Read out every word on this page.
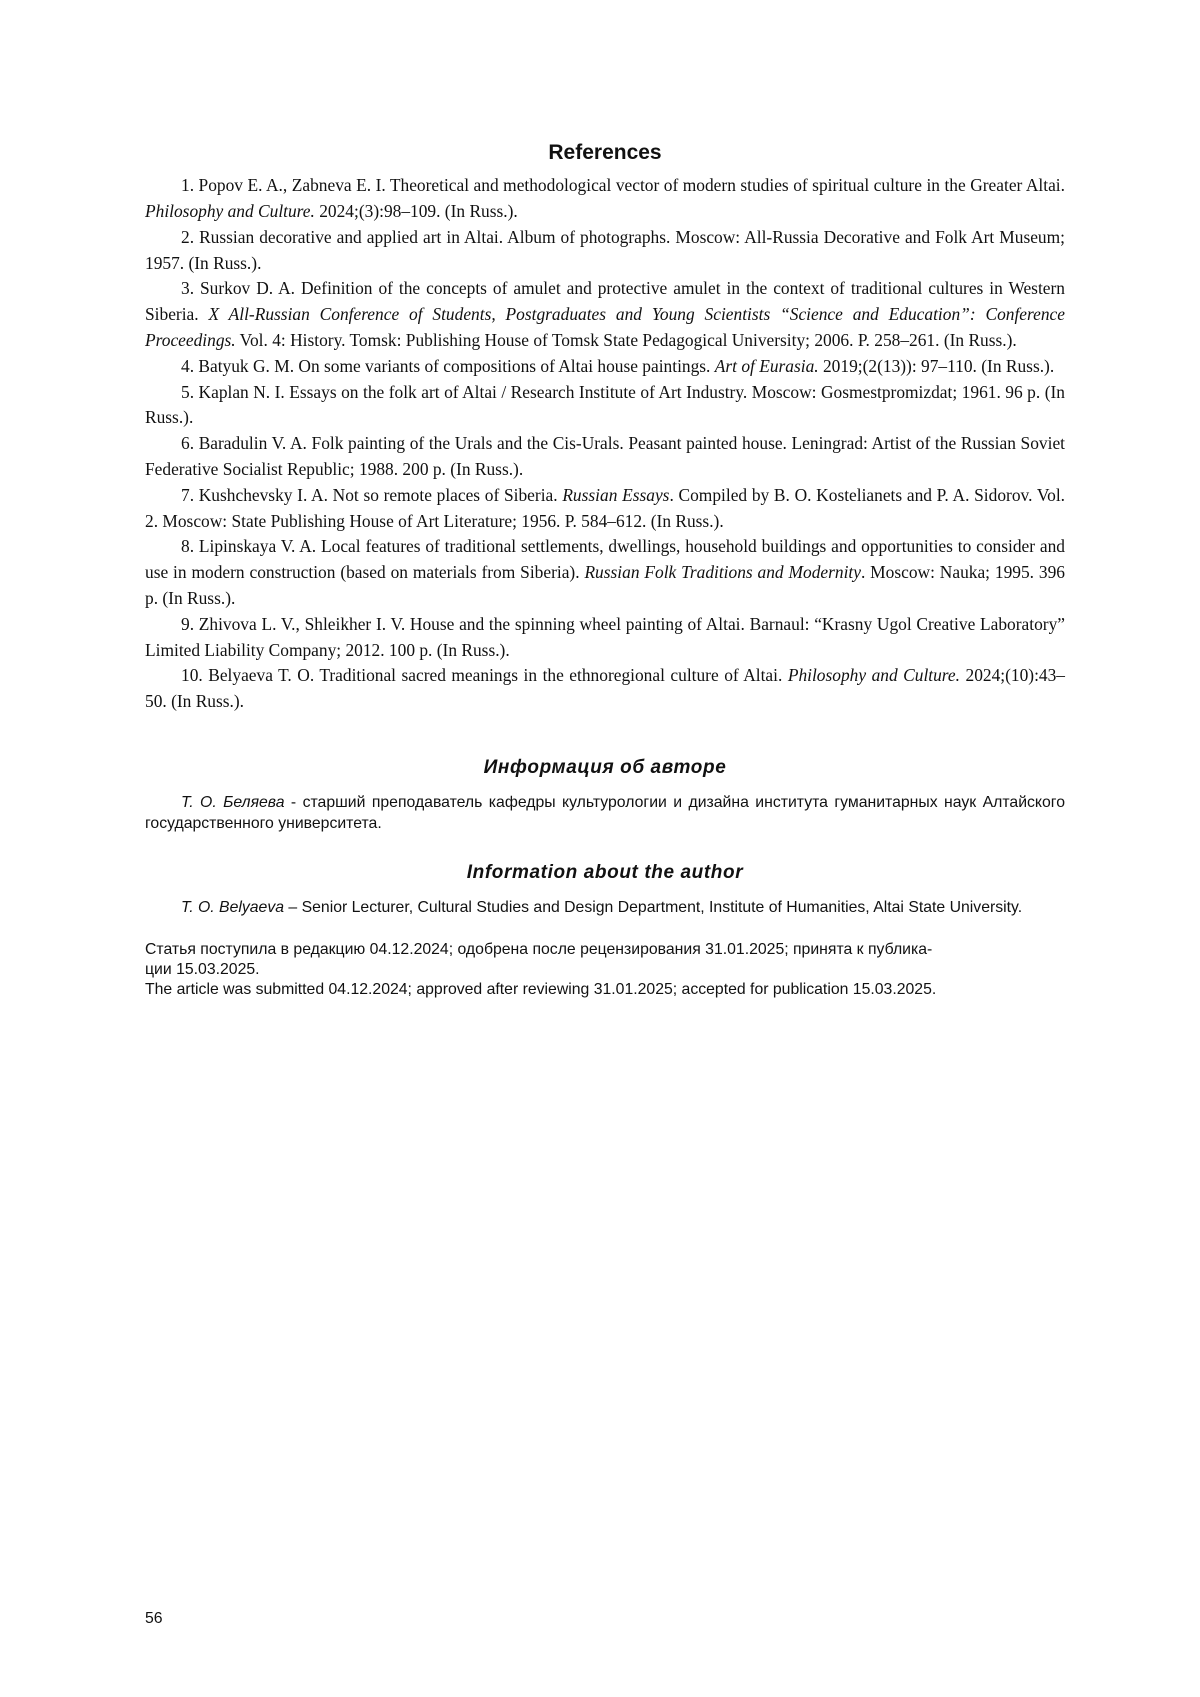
References

1. Popov E. A., Zabneva E. I. Theoretical and methodological vector of modern studies of spiritual culture in the Greater Altai. Philosophy and Culture. 2024;(3):98–109. (In Russ.).

2. Russian decorative and applied art in Altai. Album of photographs. Moscow: All-Russia Decorative and Folk Art Museum; 1957. (In Russ.).

3. Surkov D. A. Definition of the concepts of amulet and protective amulet in the context of traditional cultures in Western Siberia. X All-Russian Conference of Students, Postgraduates and Young Scientists “Science and Education”: Conference Proceedings. Vol. 4: History. Tomsk: Publishing House of Tomsk State Pedagogical University; 2006. P. 258–261. (In Russ.).

4. Batyuk G. M. On some variants of compositions of Altai house paintings. Art of Eurasia. 2019;(2(13)): 97–110. (In Russ.).

5. Kaplan N. I. Essays on the folk art of Altai / Research Institute of Art Industry. Moscow: Gosmestpromizdat; 1961. 96 p. (In Russ.).

6. Baradulin V. A. Folk painting of the Urals and the Cis-Urals. Peasant painted house. Leningrad: Artist of the Russian Soviet Federative Socialist Republic; 1988. 200 p. (In Russ.).

7. Kushchevsky I. A. Not so remote places of Siberia. Russian Essays. Compiled by B. O. Kostelianets and P. A. Sidorov. Vol. 2. Moscow: State Publishing House of Art Literature; 1956. P. 584–612. (In Russ.).

8. Lipinskaya V. A. Local features of traditional settlements, dwellings, household buildings and opportunities to consider and use in modern construction (based on materials from Siberia). Russian Folk Traditions and Modernity. Moscow: Nauka; 1995. 396 p. (In Russ.).

9. Zhivova L. V., Shleikher I. V. House and the spinning wheel painting of Altai. Barnaul: “Krasny Ugol Creative Laboratory” Limited Liability Company; 2012. 100 p. (In Russ.).

10. Belyaeva T. O. Traditional sacred meanings in the ethnoregional culture of Altai. Philosophy and Culture. 2024;(10):43–50. (In Russ.).

Информация об авторе

Т. О. Беляева - старший преподаватель кафедры культурологии и дизайна института гуманитарных наук Алтайского государственного университета.

Information about the author

T. O. Belyaeva – Senior Lecturer, Cultural Studies and Design Department, Institute of Humanities, Altai State University.

Статья поступила в редакцию 04.12.2024; одобрена после рецензирования 31.01.2025; принята к публика-

ции 15.03.2025.

The article was submitted 04.12.2024; approved after reviewing 31.01.2025; accepted for publication 15.03.2025.

56
